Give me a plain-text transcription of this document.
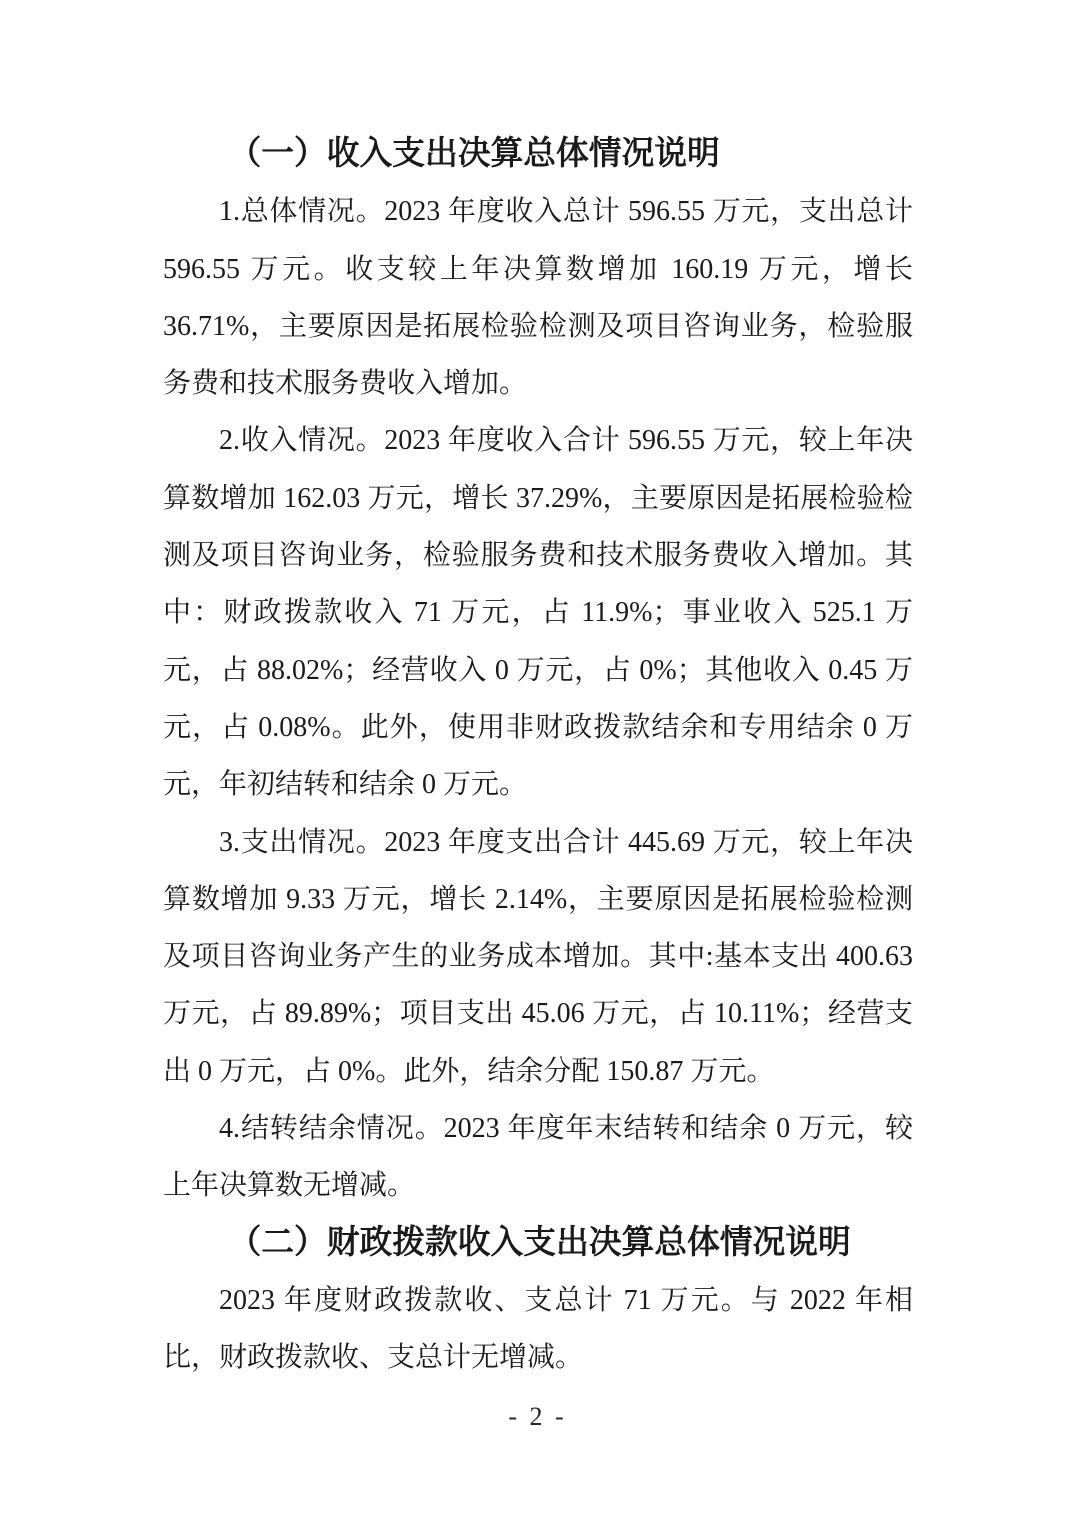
（一）收入支出决算总体情况说明

1.总体情况。2023 年度收入总计 596.55 万元，支出总计 596.55 万元。收支较上年决算数增加 160.19 万元，增长 36.71%，主要原因是拓展检验检测及项目咨询业务，检验服务费和技术服务费收入增加。

2.收入情况。2023 年度收入合计 596.55 万元，较上年决算数增加 162.03 万元，增长 37.29%，主要原因是拓展检验检测及项目咨询业务，检验服务费和技术服务费收入增加。其中：财政拨款收入 71 万元，占 11.9%；事业收入 525.1 万元，占 88.02%；经营收入 0 万元，占 0%；其他收入 0.45 万元，占 0.08%。此外，使用非财政拨款结余和专用结余 0 万元，年初结转和结余 0 万元。

3.支出情况。2023 年度支出合计 445.69 万元，较上年决算数增加 9.33 万元，增长 2.14%，主要原因是拓展检验检测及项目咨询业务产生的业务成本增加。其中:基本支出 400.63 万元，占 89.89%；项目支出 45.06 万元，占 10.11%；经营支出 0 万元，占 0%。此外，结余分配 150.87 万元。

4.结转结余情况。2023 年度年末结转和结余 0 万元，较上年决算数无增减。

（二）财政拨款收入支出决算总体情况说明

2023 年度财政拨款收、支总计 71 万元。与 2022 年相比，财政拨款收、支总计无增减。

- 2 -
